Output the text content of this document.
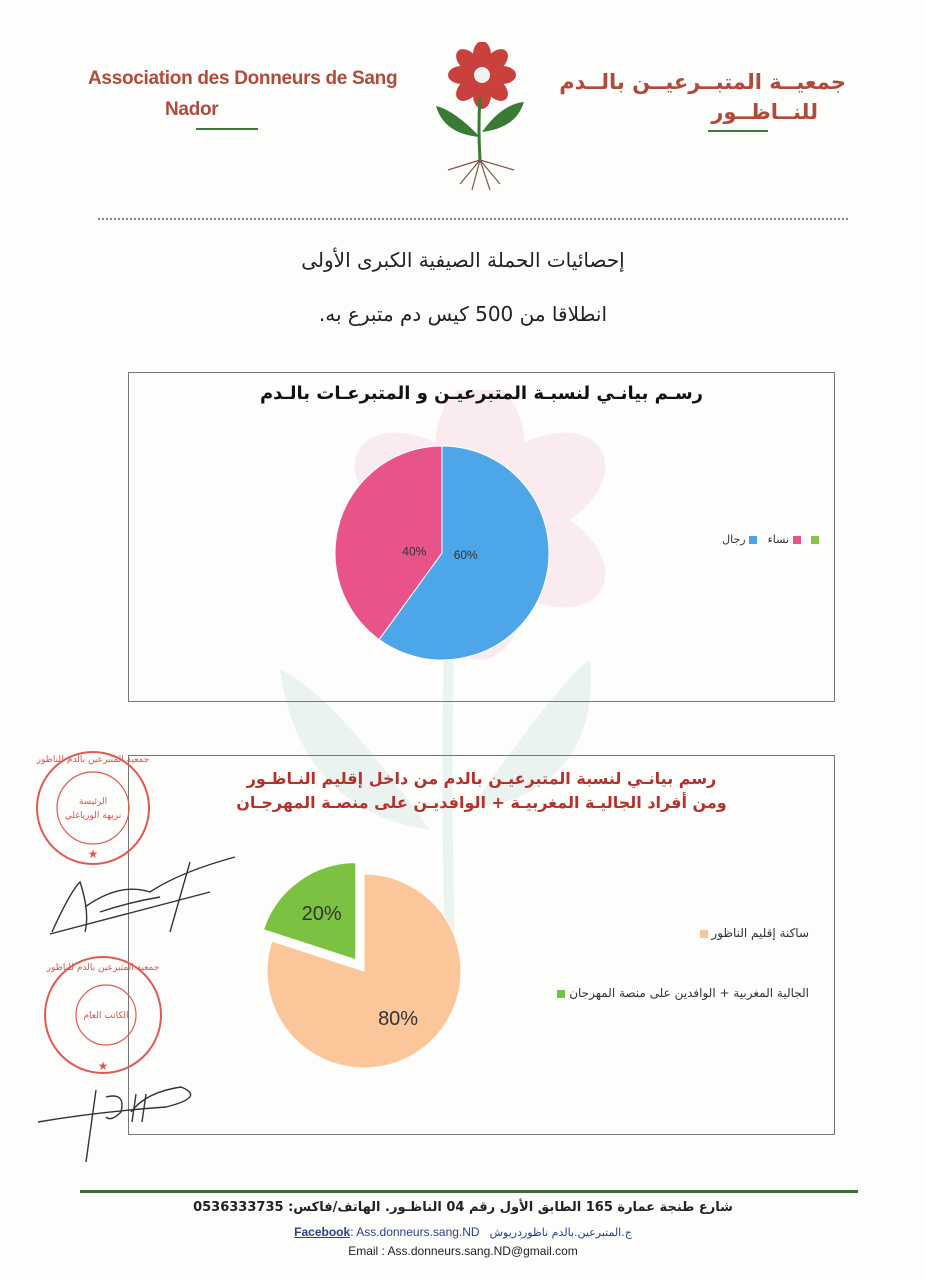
Association des Donneurs de Sang
Nador
جمعيــة المتبــرعيــن بالــدم
للنــاظــور
إحصائيات الحملة الصيفية الكبرى الأولى
انطلاقا من 500 كيس دم متبرع به.
رسـم بيانـي لنسبـة المتبرعيـن و المتبرعـات بالـدم
60%
40%
نساء    رجال
رسم بيانـي لنسبة المتبرعيـن بالدم من داخل إقليم النـاظـور
ومن أفراد الجاليـة المغربيـة + الوافديـن على منصـة المهرجـان
80%
20%
ساكنة إقليم الناظور
الجالية المغربية + الوافدين على منصة المهرجان
جمعية المتبرعين بالدم للناظور
الرئيسة
نزيهة الورياغلي
★
جمعية المتبرعين بالدم للناظور
الكاتب العام
★
شارع طنجة عمارة 165 الطابق الأول رقم 04 الناظـور. الهاتف/فاكس: 0536333735
Facebook: Ass.donneurs.sang.ND ج.المتبرعين.بالدم ناظوردريوش
Email : Ass.donneurs.sang.ND@gmail.com
